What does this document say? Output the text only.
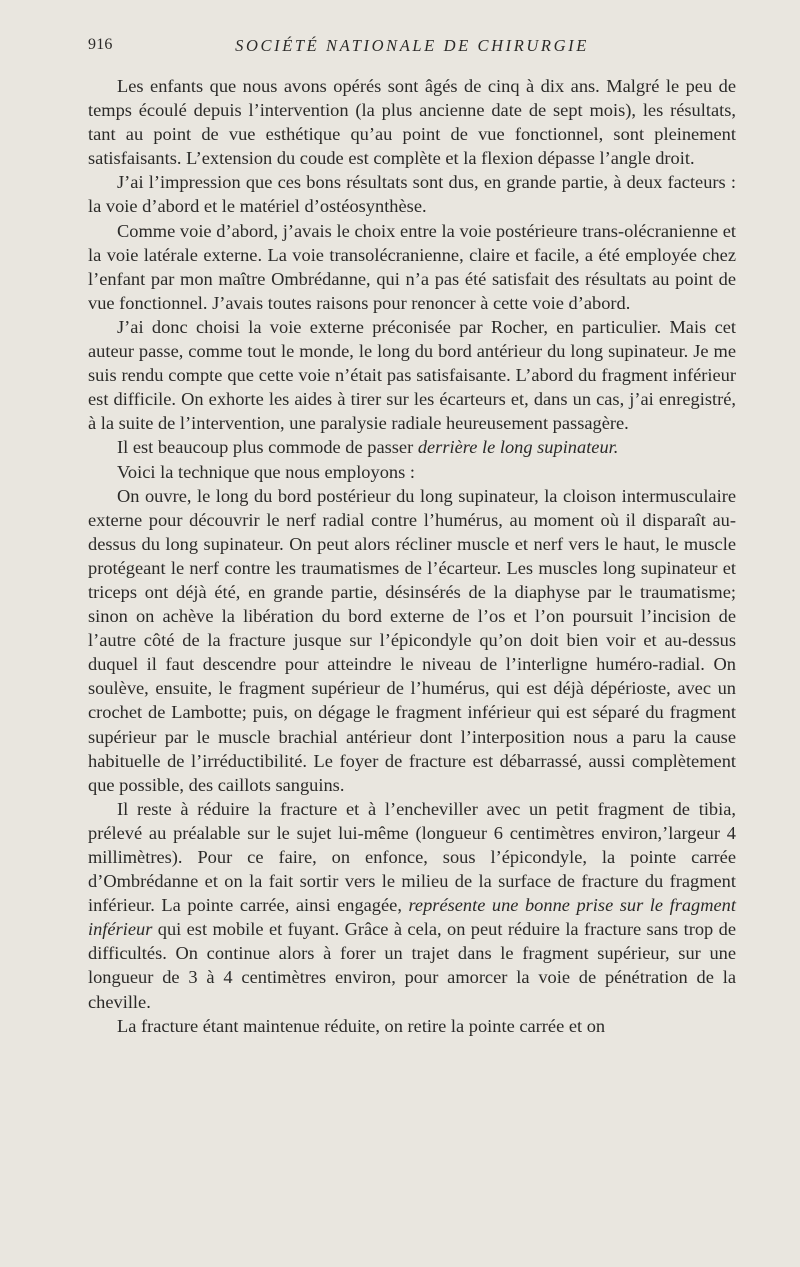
916	SOCIÉTÉ NATIONALE DE CHIRURGIE

Les enfants que nous avons opérés sont âgés de cinq à dix ans. Malgré le peu de temps écoulé depuis l’intervention (la plus ancienne date de sept mois), les résultats, tant au point de vue esthétique qu’au point de vue fonctionnel, sont pleinement satisfaisants. L’extension du coude est complète et la flexion dépasse l’angle droit.

J’ai l’impression que ces bons résultats sont dus, en grande partie, à deux facteurs : la voie d’abord et le matériel d’ostéosynthèse.

Comme voie d’abord, j’avais le choix entre la voie postérieure trans-olécranienne et la voie latérale externe. La voie transolécranienne, claire et facile, a été employée chez l’enfant par mon maître Ombrédanne, qui n’a pas été satisfait des résultats au point de vue fonctionnel. J’avais toutes raisons pour renoncer à cette voie d’abord.

J’ai donc choisi la voie externe préconisée par Rocher, en particulier. Mais cet auteur passe, comme tout le monde, le long du bord antérieur du long supinateur. Je me suis rendu compte que cette voie n’était pas satisfaisante. L’abord du fragment inférieur est difficile. On exhorte les aides à tirer sur les écarteurs et, dans un cas, j’ai enregistré, à la suite de l’intervention, une paralysie radiale heureusement passagère.

Il est beaucoup plus commode de passer derrière le long supinateur.

Voici la technique que nous employons :

On ouvre, le long du bord postérieur du long supinateur, la cloison intermusculaire externe pour découvrir le nerf radial contre l’humérus, au moment où il disparaît au-dessus du long supinateur. On peut alors récliner muscle et nerf vers le haut, le muscle protégeant le nerf contre les traumatismes de l’écarteur. Les muscles long supinateur et triceps ont déjà été, en grande partie, désinsérés de la diaphyse par le traumatisme; sinon on achève la libération du bord externe de l’os et l’on poursuit l’incision de l’autre côté de la fracture jusque sur l’épicondyle qu’on doit bien voir et au-dessus duquel il faut descendre pour atteindre le niveau de l’interligne huméro-radial. On soulève, ensuite, le fragment supérieur de l’humérus, qui est déjà dépérioste, avec un crochet de Lambotte; puis, on dégage le fragment inférieur qui est séparé du fragment supérieur par le muscle brachial antérieur dont l’interposition nous a paru la cause habituelle de l’irréductibilité. Le foyer de fracture est débarrassé, aussi complètement que possible, des caillots sanguins.

Il reste à réduire la fracture et à l’encheviller avec un petit fragment de tibia, prélevé au préalable sur le sujet lui-même (longueur 6 centimètres environ,’largeur 4 millimètres). Pour ce faire, on enfonce, sous l’épicondyle, la pointe carrée d’Ombrédanne et on la fait sortir vers le milieu de la surface de fracture du fragment inférieur. La pointe carrée, ainsi engagée, représente une bonne prise sur le fragment inférieur qui est mobile et fuyant. Grâce à cela, on peut réduire la fracture sans trop de difficultés. On continue alors à forer un trajet dans le fragment supérieur, sur une longueur de 3 à 4 centimètres environ, pour amorcer la voie de pénétration de la cheville.

La fracture étant maintenue réduite, on retire la pointe carrée et on
